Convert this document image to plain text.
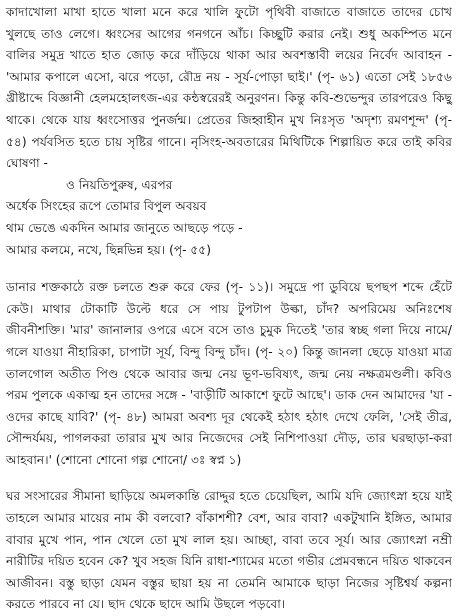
কাদাখোলা মাখা হাতে খালা মনে করে খালি ফুটো পৃথিবী বাজাতে বাজাতে তাদের চোখ খুলছে তাও লেগে। ধ্বংসের আগের গনগনে আঁচ। কিচ্ছুটি করার নেই। শুধু অকম্পিত মনে বালির সমুদ্র খাতে হাত জোড় করে দাঁড়িয়ে থাকা আর অবশস্তাবী লয়ের নির্বেদ আবাহন - 'আমার কপালে এসো, ঝরে পড়ো, রৌদ্র নয় - সূর্য-পোড়া ছাই।' (পৃ- ৬১) এতো সেই ১৮৫৬ খ্রীষ্টাব্দে বিজ্ঞানী হেলমহোলৎজ-এর কন্ঠস্বরেরই অনুরণন। কিন্তু কবি-শুভেন্দুর তারপরেও কিছু থাকে। থেকে যায় ধ্বংসোত্তর পুনর্জন্ম। প্রেতের জিহ্বাহীন মুখ নিঃসৃত 'অদৃশ্য রমণশূন্দ' (পৃ- ৫৪) পর্যবসিত হতে চায় সৃষ্টির গানে। নৃসিংহ-অবতারের মিথিটিকে শিল্পায়িত করে তাই কবির ঘোষণা -

ও নিয়তিপুরুষ, এরপর
অর্ধেক সিংহের রূপে তোমার বিপুল অবয়ব
থাম ভেঙে একদিন আমার জানুতে আছড়ে পড়ে -
আমার কলমে, নখে, ছিন্নভিন্ন হয়। (পৃ- ৫৫)

ডানার শক্তকাঠে রক্ত চলতে শুরু করে ফের (পৃ- ১১)। সমুদ্রে পা ডুবিয়ে ছপছপ শব্দে হেঁটে কেউ। মাথার টোকাটি উল্টে ধরে সে পায় টুপটাপ উল্কা, চাঁদ? অপরিমেয় অনিঃশেষ জীবনীশক্তি। 'মার' জানালার ওপরে এসে বসে তাও চুমুক দিতেই 'তার স্বচ্ছ গলা দিয়ে নামে/ গলে যাওয়া নীহারিকা, চাপাটা সূর্য, বিন্দু বিন্দু চাঁদ। (পৃ- ২০) কিন্তু জানলা ছেড়ে যাওয়া মাত্র তালগোল অতীত পিণ্ড থেকে আবার জন্ম নেয় ভূণ-ভবিষ্যৎ, জন্ম নেয় নক্ষত্রমণ্ডলী। কবিও পরম পুলকে একাত্ম হন তাদের সঙ্গে - 'বাড়ীটি আকাশে ফুটে আছে'। ডাক দেন আমাদের 'যা - ওদের কাছে যাবি?' (পৃ- ৪৮) আমরা অবশ্য দূর থেকেই হঠাৎ হঠাৎ দেখে ফেলি, 'সেই তীব্র, সৌন্দর্যময়, পাগলকরা তারার মুখ আর নিজেদের সেই নিশিপাওয়া দৌড়, তার ঘরছাড়া-করা আহবান।' (শোনো শোনো গল্প শোনো/ ৩ঃ স্বপ্ন ১)

ঘর সংসারের সীমানা ছাড়িয়ে অমলকান্তি রোদ্দুর হতে চেয়েছিল, আমি যদি জ্যোৎস্না হয়ে যাই তাহলে আমার মায়ের নাম কী বলবো? বাঁকাশশী? বেশ, আর বাবা? একটুখানি ইঙ্গিত, আমার বাবার মুখে পান, পান খেলে তো মুখ লাল হয়। আচ্ছা, বাবা তবে সূর্য। আর জ্যোৎস্না নম্রী নারীটির দয়িত হবেন কে? খুব সহজ যিনি রাধা-শ্যামের মতো গভীর প্রেমবন্ধনে দয়িত থাকবেন আজীবন। বস্তু ছাড়া যেমন বস্তুর ছায়া হয় না তেমনি আমাকে ছাড়া নিজের সৃষ্টিশ্বর্য কল্পনা করতে পারবে না যে। ছাদ থেকে ছাদে আমি উছলে পড়বো।
